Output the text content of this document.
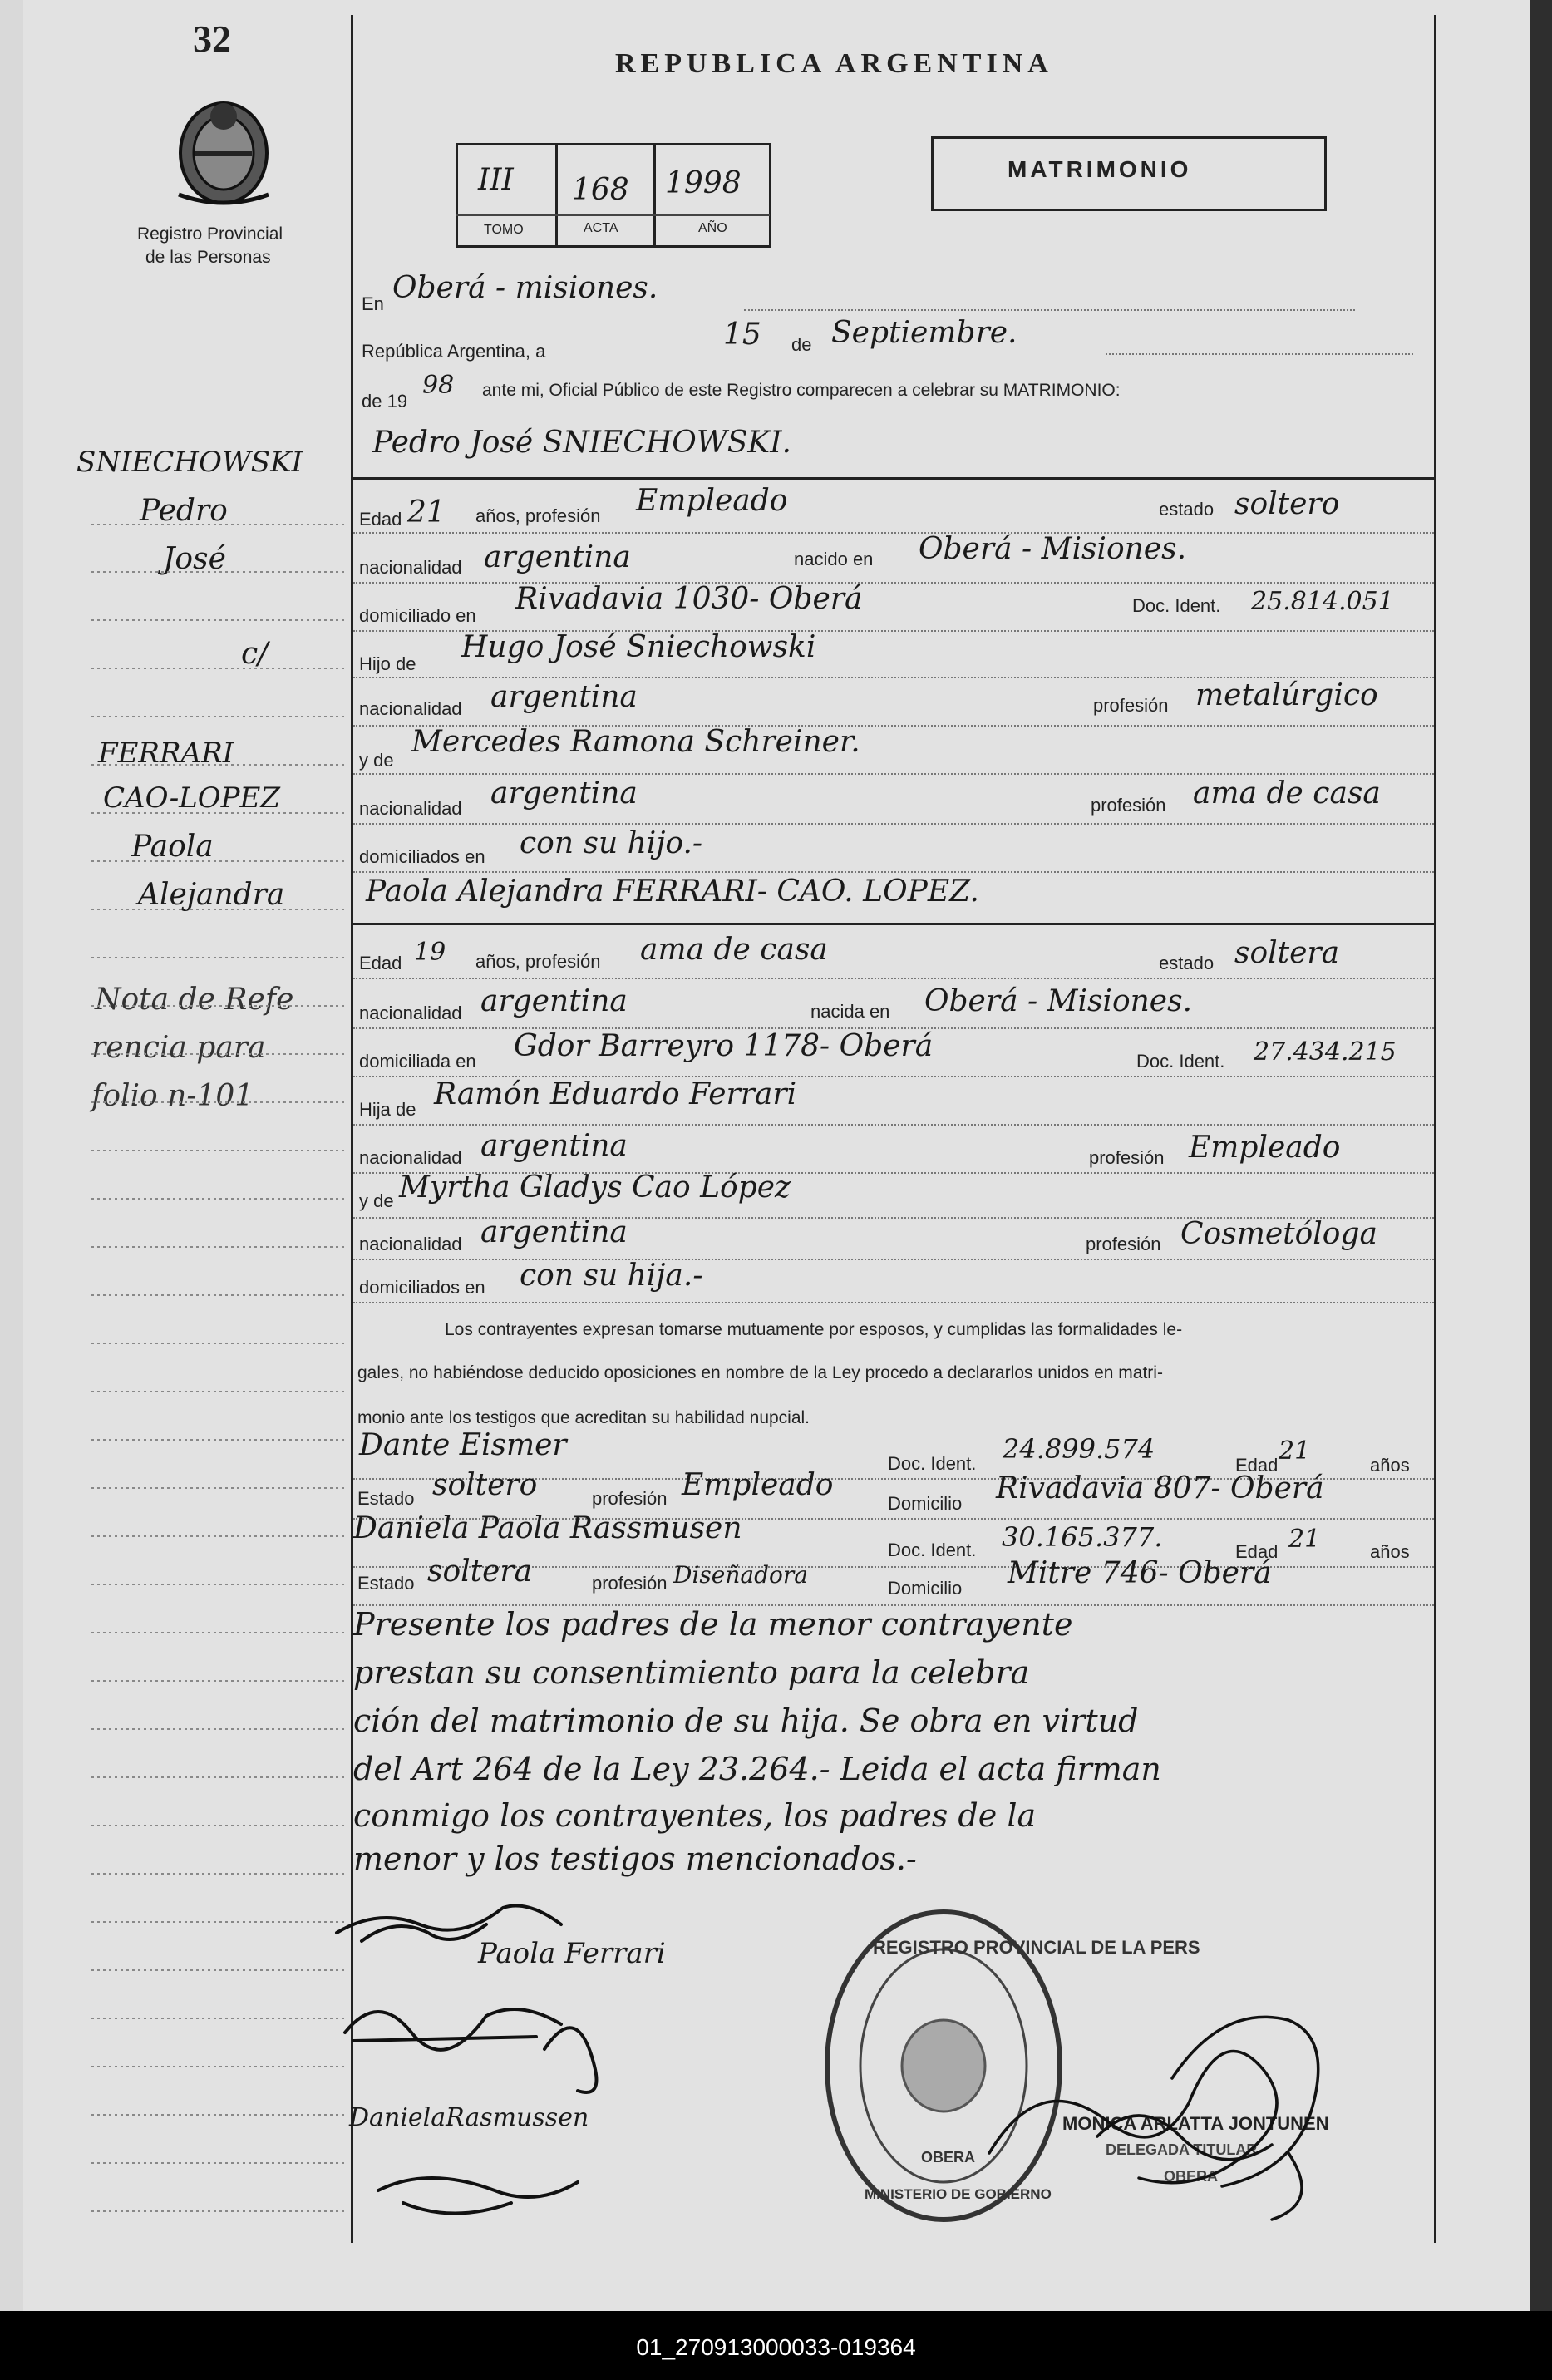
32
Registro Provincial
de las Personas
REPUBLICA ARGENTINA
MATRIMONIO
III 168 1998
TOMO	ACTA	AÑO
En Oberá - misiones.
República Argentina, a	15 de Septiembre.
de 19
98 ante mi, Oficial Público de este Registro comparecen a celebrar su MATRIMONIO:
Pedro José SNIECHOWSKI.
Edad 21 años, profesión Empleado	estado soltero
nacionalidad argentina	nacido en Oberá - Misiones.
domiciliado en Rivadavia 1030- Oberá	Doc. Ident. 25.814.051
Hijo de Hugo José Sniechowski
nacionalidad argentina	profesión metalúrgico
y de
Mercedes Ramona Schreiner.
nacionalidad argentina	profesión ama de casa
domiciliados en con su hijo.-
Paola Alejandra FERRARI- CAO. LOPEZ.
Edad 19 años, profesión ama de casa	estado soltera
nacionalidad argentina	nacida en Oberá - Misiones.
domiciliada en Gdor Barreyro 1178- Oberá	Doc. Ident. 27.434.215
Hija de Ramón Eduardo Ferrari
nacionalidad argentina	profesión Empleado
y de Myrtha Gladys Cao López
nacionalidad argentina	profesión Cosmetóloga
domiciliados en con su hija.-
Los contrayentes expresan tomarse mutuamente por esposos, y cumplidas las formalidades le-
gales, no habiéndose deducido oposiciones en nombre de la Ley procedo a declararlos unidos en matri-
monio ante los testigos que acreditan su habilidad nupcial.
Dante Eismer
Doc. Ident. 24.899.574
Edad 21	años
Estado soltero	profesión Empleado
Domicilio Rivadavia 807- Oberá
Daniela Paola Rassmusen
Doc. Ident. 30.165.377.	Edad 21	años
Estado soltera	profesión Diseñadora	Domicilio Mitre 746- Oberá
Presente los padres de la menor contrayente
prestan su consentimiento para la celebra
ción del matrimonio de su hija. Se obra en virtud
del Art 264 de la Ley 23.264.- Leida el acta firman
conmigo los contrayentes, los padres de la
menor y los testigos mencionados.-
SNIECHOWSKI
Pedro
José
c/
FERRARI
CAO-LOPEZ
Paola
Alejandra
Nota de Refe
rencia para
folio n-101
Paola Ferrari
DanielaRasmussen
REGISTRO PROVINCIAL DE LA PERS
MINISTERIO DE GOBIERNO
OBERA
MONICA ARLATTA JONTUNEN
DELEGADA TITULAR
OBERA
01_270913000033-019364
